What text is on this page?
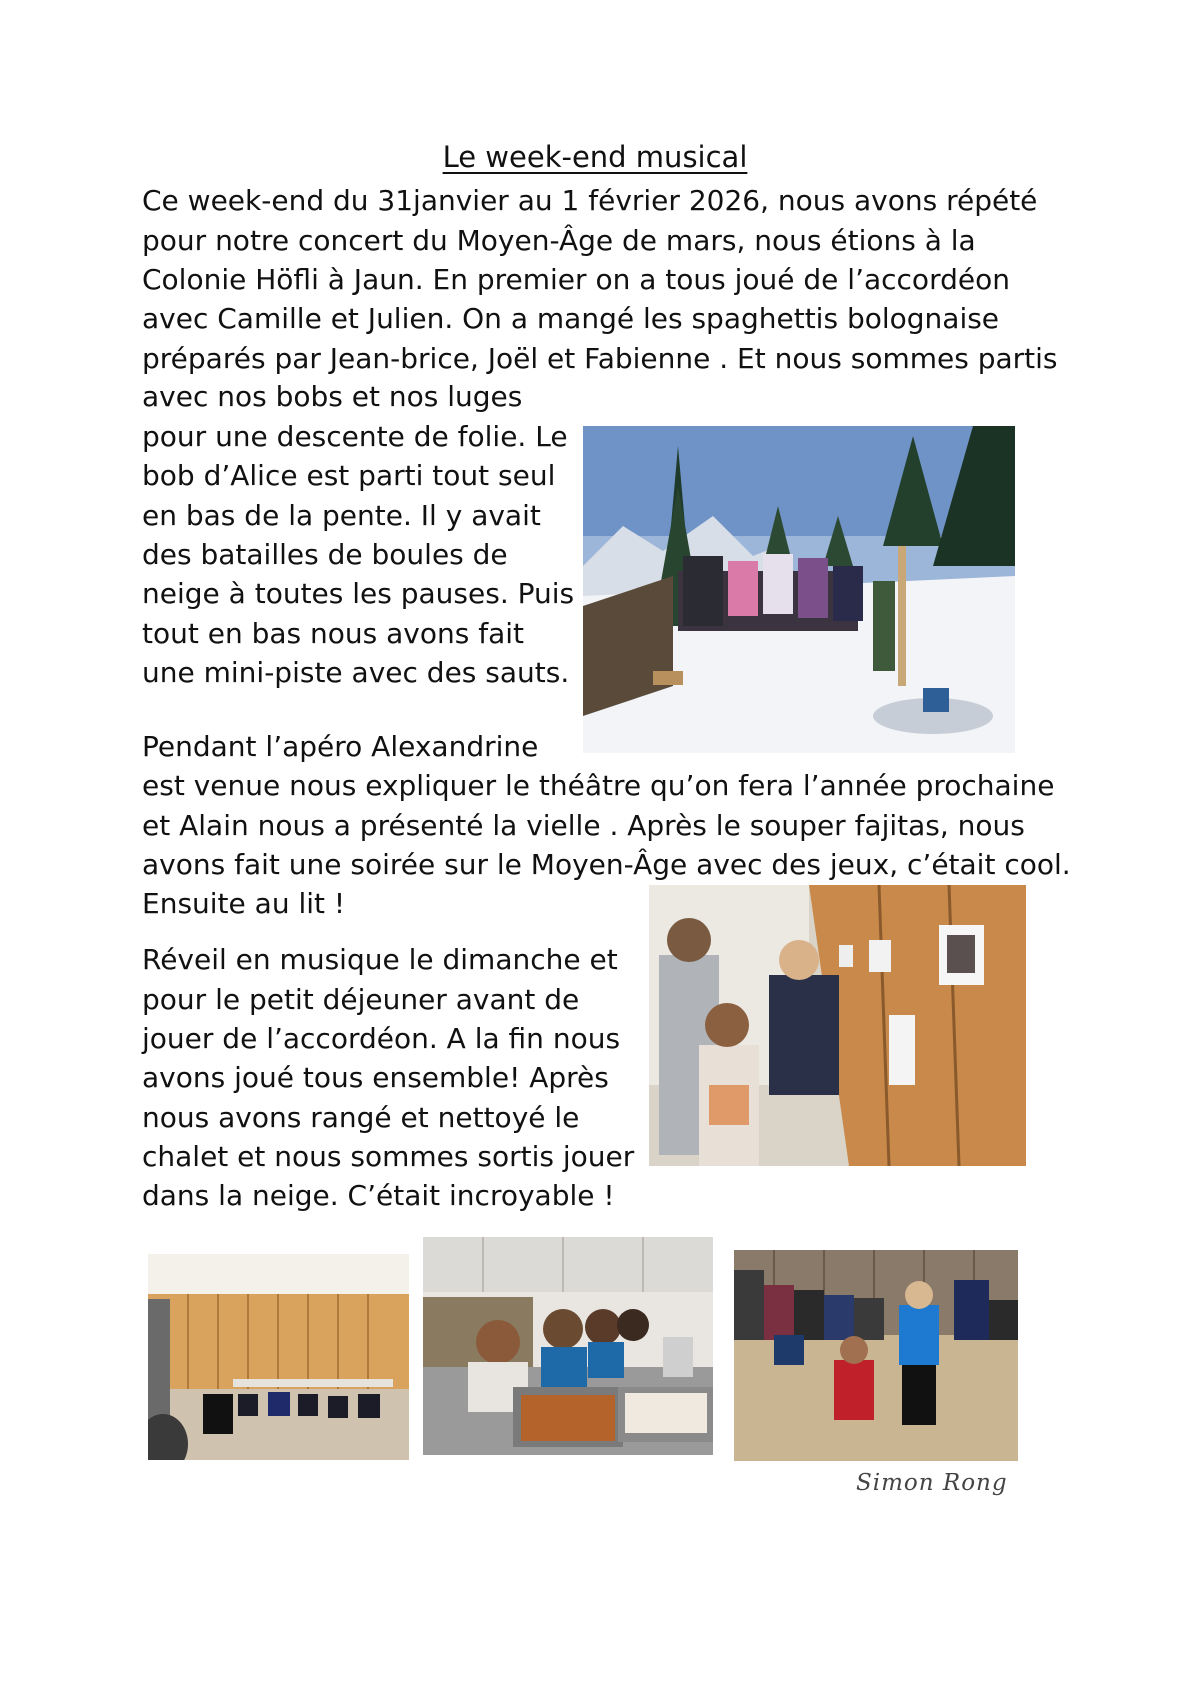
Le week-end musical
Ce week-end du 31janvier au 1 février 2026, nous avons répété
pour notre concert du Moyen-Âge de mars, nous étions à la
Colonie Höfli à Jaun. En premier on a tous joué de l’accordéon
avec Camille et Julien. On a mangé les spaghettis bolognaise
préparés par Jean-brice, Joël et Fabienne . Et nous sommes partis
avec nos bobs et nos luges
pour une descente de folie. Le
bob d’Alice est parti tout seul
en bas de la pente. Il y avait
des batailles de boules de
neige à toutes les pauses. Puis
tout en bas nous avons fait
une mini-piste avec des sauts.
Pendant l’apéro Alexandrine
est venue nous expliquer le théâtre qu’on fera l’année prochaine
et Alain nous a présenté la vielle . Après le souper fajitas, nous
avons fait une soirée sur le Moyen-Âge avec des jeux, c’était cool.
Ensuite au lit !
Réveil en musique le dimanche et
pour le petit déjeuner avant de
jouer de l’accordéon. A la fin nous
avons joué tous ensemble! Après
nous avons rangé et nettoyé le
chalet et nous sommes sortis jouer
dans la neige. C’était incroyable !
Simon Rong
